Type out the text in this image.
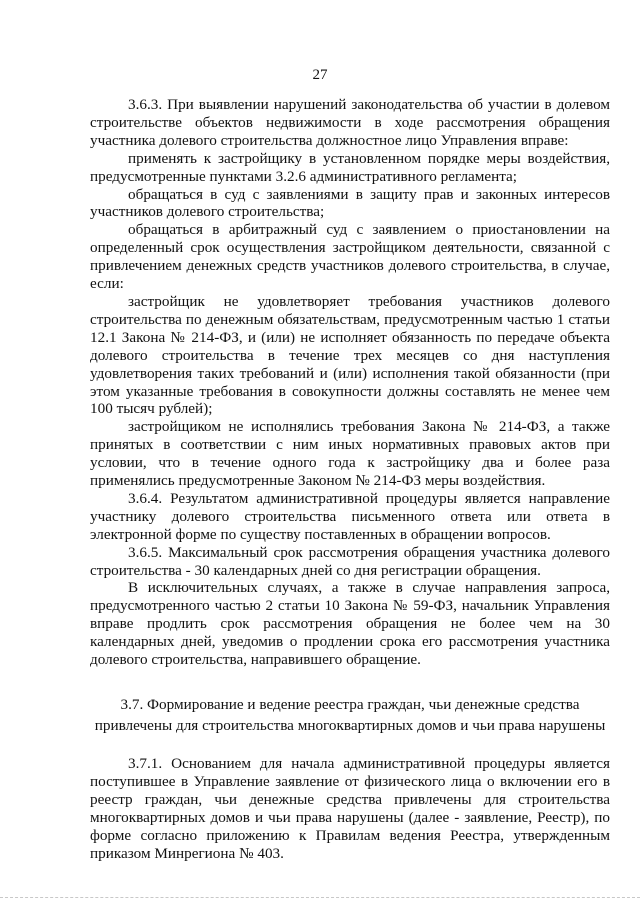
27

3.6.3. При выявлении нарушений законодательства об участии в долевом строительстве объектов недвижимости в ходе рассмотрения обращения участника долевого строительства должностное лицо Управления вправе:

применять к застройщику в установленном порядке меры воздействия, предусмотренные пунктами 3.2.6 административного регламента;

обращаться в суд с заявлениями в защиту прав и законных интересов участников долевого строительства;

обращаться в арбитражный суд с заявлением о приостановлении на определенный срок осуществления застройщиком деятельности, связанной с привлечением денежных средств участников долевого строительства, в случае, если:

застройщик не удовлетворяет требования участников долевого строительства по денежным обязательствам, предусмотренным частью 1 статьи 12.1 Закона № 214-ФЗ, и (или) не исполняет обязанность по передаче объекта долевого строительства в течение трех месяцев со дня наступления удовлетворения таких требований и (или) исполнения такой обязанности (при этом указанные требования в совокупности должны составлять не менее чем 100 тысяч рублей);

застройщиком не исполнялись требования Закона № 214-ФЗ, а также принятых в соответствии с ним иных нормативных правовых актов при условии, что в течение одного года к застройщику два и более раза применялись предусмотренные Законом № 214-ФЗ меры воздействия.

3.6.4. Результатом административной процедуры является направление участнику долевого строительства письменного ответа или ответа в электронной форме по существу поставленных в обращении вопросов.

3.6.5. Максимальный срок рассмотрения обращения участника долевого строительства - 30 календарных дней со дня регистрации обращения.

В исключительных случаях, а также в случае направления запроса, предусмотренного частью 2 статьи 10 Закона № 59-ФЗ, начальник Управления вправе продлить срок рассмотрения обращения не более чем на 30 календарных дней, уведомив о продлении срока его рассмотрения участника долевого строительства, направившего обращение.

3.7. Формирование и ведение реестра граждан, чьи денежные средства привлечены для строительства многоквартирных домов и чьи права нарушены

3.7.1. Основанием для начала административной процедуры является поступившее в Управление заявление от физического лица о включении его в реестр граждан, чьи денежные средства привлечены для строительства многоквартирных домов и чьи права нарушены (далее - заявление, Реестр), по форме согласно приложению к Правилам ведения Реестра, утвержденным приказом Минрегиона № 403.
